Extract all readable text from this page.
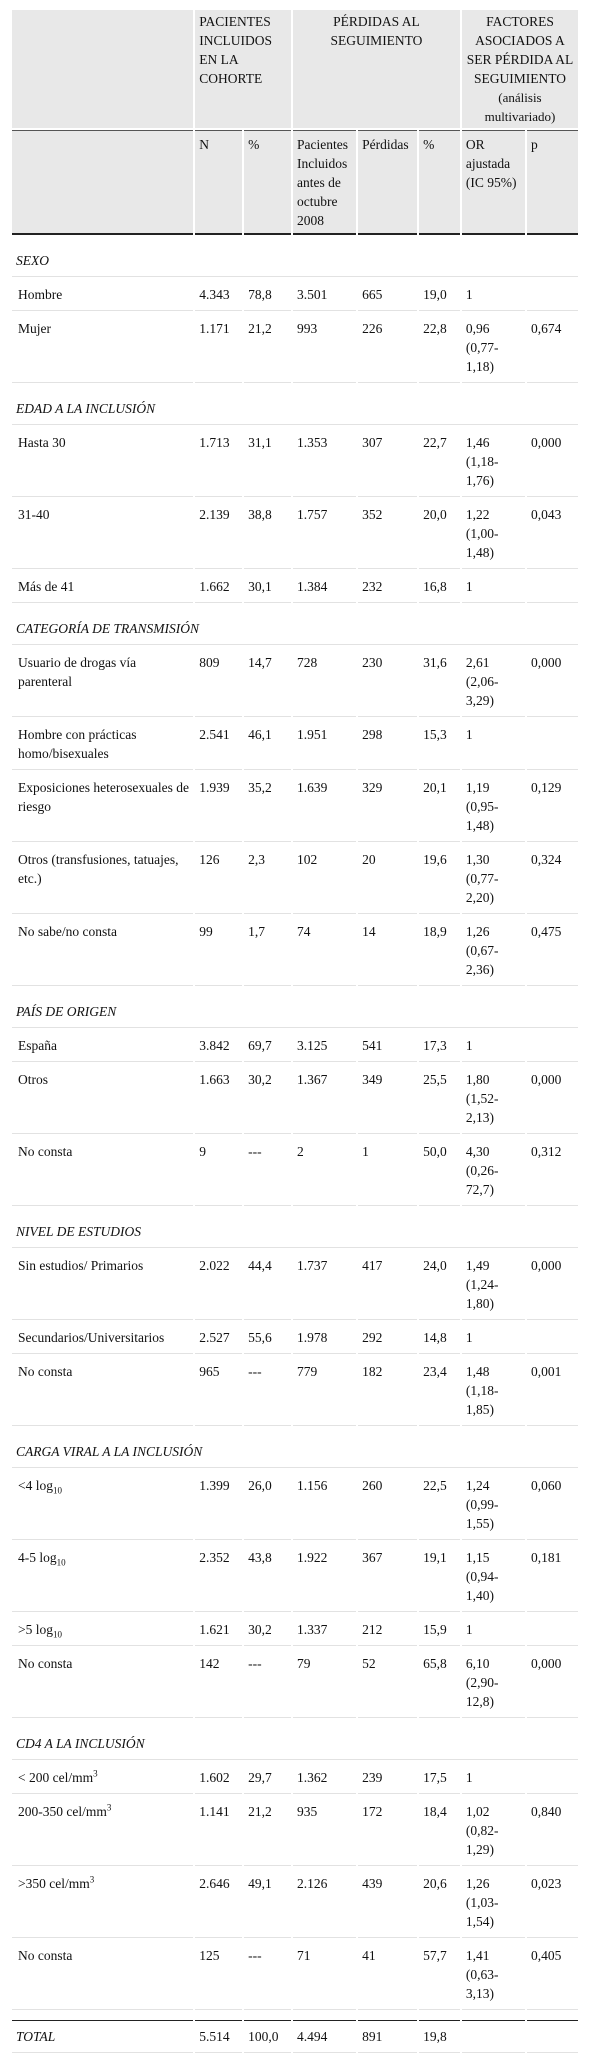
	PACIENTES INCLUIDOS EN LA COHORTE		PÉRDIDAS AL SEGUIMIENTO			FACTORES ASOCIADOS A SER PÉRDIDA AL SEGUIMIENTO
(análisis multivariado)	

	N	%	Pacientes Incluidos antes de octubre 2008	Pérdidas	%	OR ajustada (IC 95%)	p

SEXO							
Hombre	4.343	78,8	3.501	665	19,0	1	
Mujer	1.171	21,2	993	226	22,8	0,96 (0,77-1,18)	0,674

EDAD A LA INCLUSIÓN							
Hasta 30	1.713	31,1	1.353	307	22,7	1,46 (1,18-1,76)	0,000
31-40	2.139	38,8	1.757	352	20,0	1,22 (1,00-1,48)	0,043
Más de 41	1.662	30,1	1.384	232	16,8	1	

CATEGORÍA DE TRANSMISIÓN							
Usuario de drogas vía parenteral	809	14,7	728	230	31,6	2,61 (2,06-3,29)	0,000
Hombre con prácticas homo/bisexuales	2.541	46,1	1.951	298	15,3	1	
Exposiciones heterosexuales de riesgo	1.939	35,2	1.639	329	20,1	1,19 (0,95-1,48)	0,129
Otros (transfusiones, tatuajes, etc.)	126	2,3	102	20	19,6	1,30 (0,77-2,20)	0,324
No sabe/no consta	99	1,7	74	14	18,9	1,26 (0,67-2,36)	0,475

PAÍS DE ORIGEN							
España	3.842	69,7	3.125	541	17,3	1	
Otros	1.663	30,2	1.367	349	25,5	1,80 (1,52-2,13)	0,000
No consta	9	---	2	1	50,0	4,30 (0,26-72,7)	0,312

NIVEL DE ESTUDIOS							
Sin estudios/ Primarios	2.022	44,4	1.737	417	24,0	1,49 (1,24-1,80)	0,000
Secundarios/Universitarios	2.527	55,6	1.978	292	14,8	1	
No consta	965	---	779	182	23,4	1,48 (1,18-1,85)	0,001

CARGA VIRAL A LA INCLUSIÓN							
<4 $\log_{10}$	1.399	26,0	1.156	260	22,5	1,24 (0,99-1,55)	0,060
4-5 $\log_{10}$	2.352	43,8	1.922	367	19,1	1,15 (0,94-1,40)	0,181
>5 $\log_{10}$	1.621	30,2	1.337	212	15,9	1	
No consta	142	---	79	52	65,8	6,10 (2,90-12,8)	0,000

CD4 A LA INCLUSIÓN							
< 200 cel/$mm^3$	1.602	29,7	1.362	239	17,5	1	
200-350 cel/$mm^3$	1.141	21,2	935	172	18,4	1,02 (0,82-1,29)	0,840
>350 cel/$mm^3$	2.646	49,1	2.126	439	20,6	1,26 (1,03-1,54)	0,023
No consta	125	---	71	41	57,7	1,41 (0,63-3,13)	0,405

TOTAL	5.514	100,0	4.494	891	19,8		
